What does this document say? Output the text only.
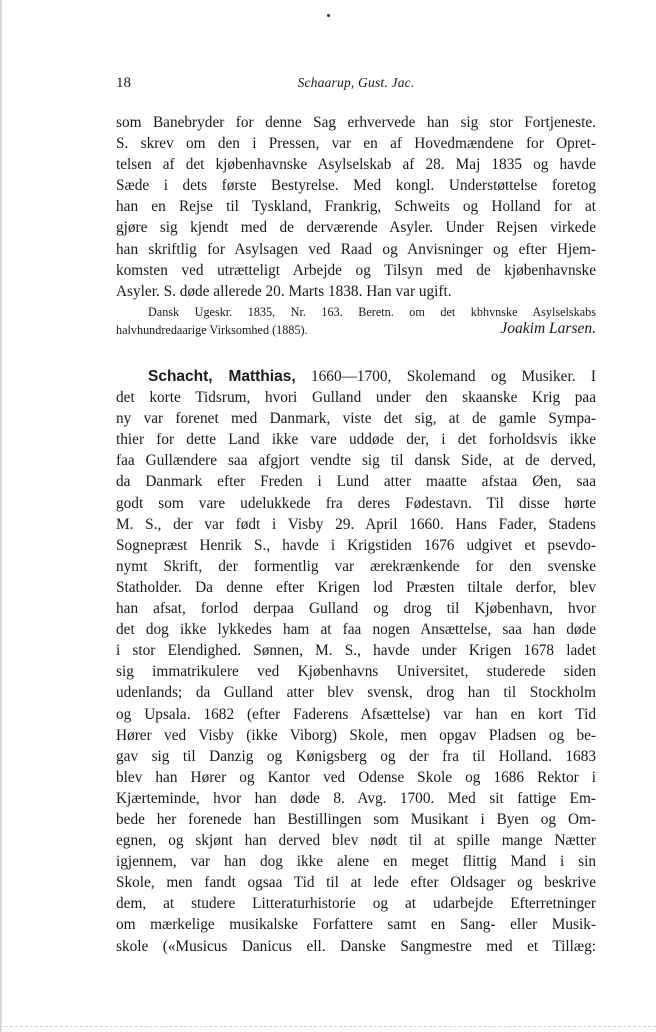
18	Schaarup, Gust. Jac.
som Banebryder for denne Sag erhvervede han sig stor Fortjeneste.
S. skrev om den i Pressen, var en af Hovedmændene for Opret-
telsen af det kjøbenhavnske Asylselskab af 28. Maj 1835 og havde
Sæde i dets første Bestyrelse. Med kongl. Understøttelse foretog
han en Rejse til Tyskland, Frankrig, Schweits og Holland for at
gjøre sig kjendt med de derværende Asyler. Under Rejsen virkede
han skriftlig for Asylsagen ved Raad og Anvisninger og efter Hjem-
komsten ved utrætteligt Arbejde og Tilsyn med de kjøbenhavnske
Asyler. S. døde allerede 20. Marts 1838. Han var ugift.
Dansk Ugeskr. 1835, Nr. 163. Beretn. om det kbhvnske Asylselskabs
halvhundredaarige Virksomhed (1885).	Joakim Larsen.
Schacht, Matthias, 1660—1700, Skolemand og Musiker. I
det korte Tidsrum, hvori Gulland under den skaanske Krig paa
ny var forenet med Danmark, viste det sig, at de gamle Sympa-
thier for dette Land ikke vare uddøde der, i det forholdsvis ikke
faa Gullændere saa afgjort vendte sig til dansk Side, at de derved,
da Danmark efter Freden i Lund atter maatte afstaa Øen, saa
godt som vare udelukkede fra deres Fødestavn. Til disse hørte
M. S., der var født i Visby 29. April 1660. Hans Fader, Stadens
Sognepræst Henrik S., havde i Krigstiden 1676 udgivet et psevdo-
nymt Skrift, der formentlig var ærekrænkende for den svenske
Statholder. Da denne efter Krigen lod Præsten tiltale derfor, blev
han afsat, forlod derpaa Gulland og drog til Kjøbenhavn, hvor
det dog ikke lykkedes ham at faa nogen Ansættelse, saa han døde
i stor Elendighed. Sønnen, M. S., havde under Krigen 1678 ladet
sig immatrikulere ved Kjøbenhavns Universitet, studerede siden
udenlands; da Gulland atter blev svensk, drog han til Stockholm
og Upsala. 1682 (efter Faderens Afsættelse) var han en kort Tid
Hører ved Visby (ikke Viborg) Skole, men opgav Pladsen og be-
gav sig til Danzig og Kønigsberg og der fra til Holland. 1683
blev han Hører og Kantor ved Odense Skole og 1686 Rektor i
Kjærteminde, hvor han døde 8. Avg. 1700. Med sit fattige Em-
bede her forenede han Bestillingen som Musikant i Byen og Om-
egnen, og skjønt han derved blev nødt til at spille mange Nætter
igjennem, var han dog ikke alene en meget flittig Mand i sin
Skole, men fandt ogsaa Tid til at lede efter Oldsager og beskrive
dem, at studere Litteraturhistorie og at udarbejde Efterretninger
om mærkelige musikalske Forfattere samt en Sang- eller Musik-
skole («Musicus Danicus ell. Danske Sangmestre med et Tillæg:
